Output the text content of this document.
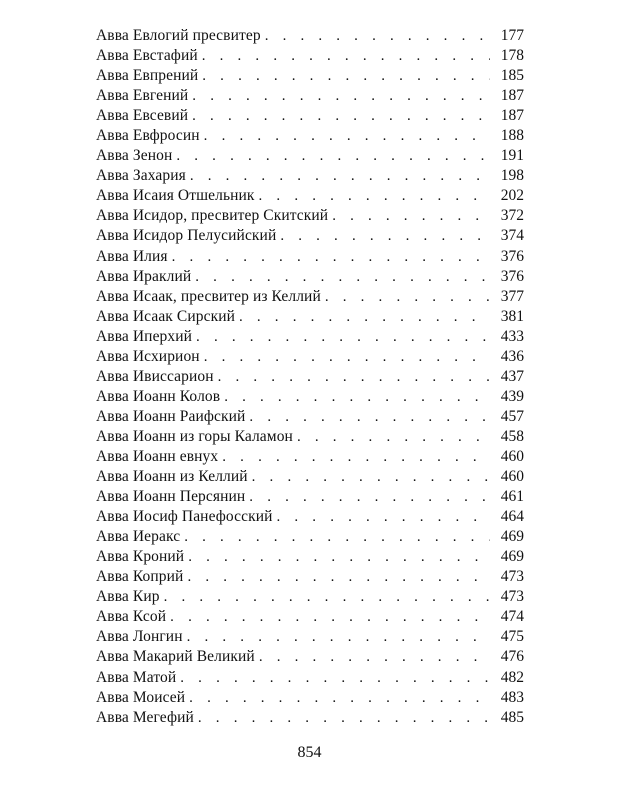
Авва Евлогий пресвитер . . .	177
Авва Евстафий . . .	178
Авва Евпрений . . .	185
Авва Евгений . . .	187
Авва Евсевий . . .	187
Авва Евфросин . . .	188
Авва Зенон . . .	191
Авва Захария . . .	198
Авва Исаия Отшельник . . .	202
Авва Исидор, пресвитер Скитский . . .	372
Авва Исидор Пелусийский . . .	374
Авва Илия . . .	376
Авва Ираклий . . .	376
Авва Исаак, пресвитер из Келлий . . .	377
Авва Исаак Сирский . . .	381
Авва Иперхий . . .	433
Авва Исхирион . . .	436
Авва Ивиссарион . . .	437
Авва Иоанн Колов . . .	439
Авва Иоанн Раифский . . .	457
Авва Иоанн из горы Каламон . . .	458
Авва Иоанн евнух . . .	460
Авва Иоанн из Келлий . . .	460
Авва Иоанн Персянин . . .	461
Авва Иосиф Панефосский . . .	464
Авва Иеракс . . .	469
Авва Кроний . . .	469
Авва Коприй . . .	473
Авва Кир . . .	473
Авва Ксой . . .	474
Авва Лонгин . . .	475
Авва Макарий Великий . . .	476
Авва Матой . . .	482
Авва Моисей . . .	483
Авва Мегефий . . .	485
854
